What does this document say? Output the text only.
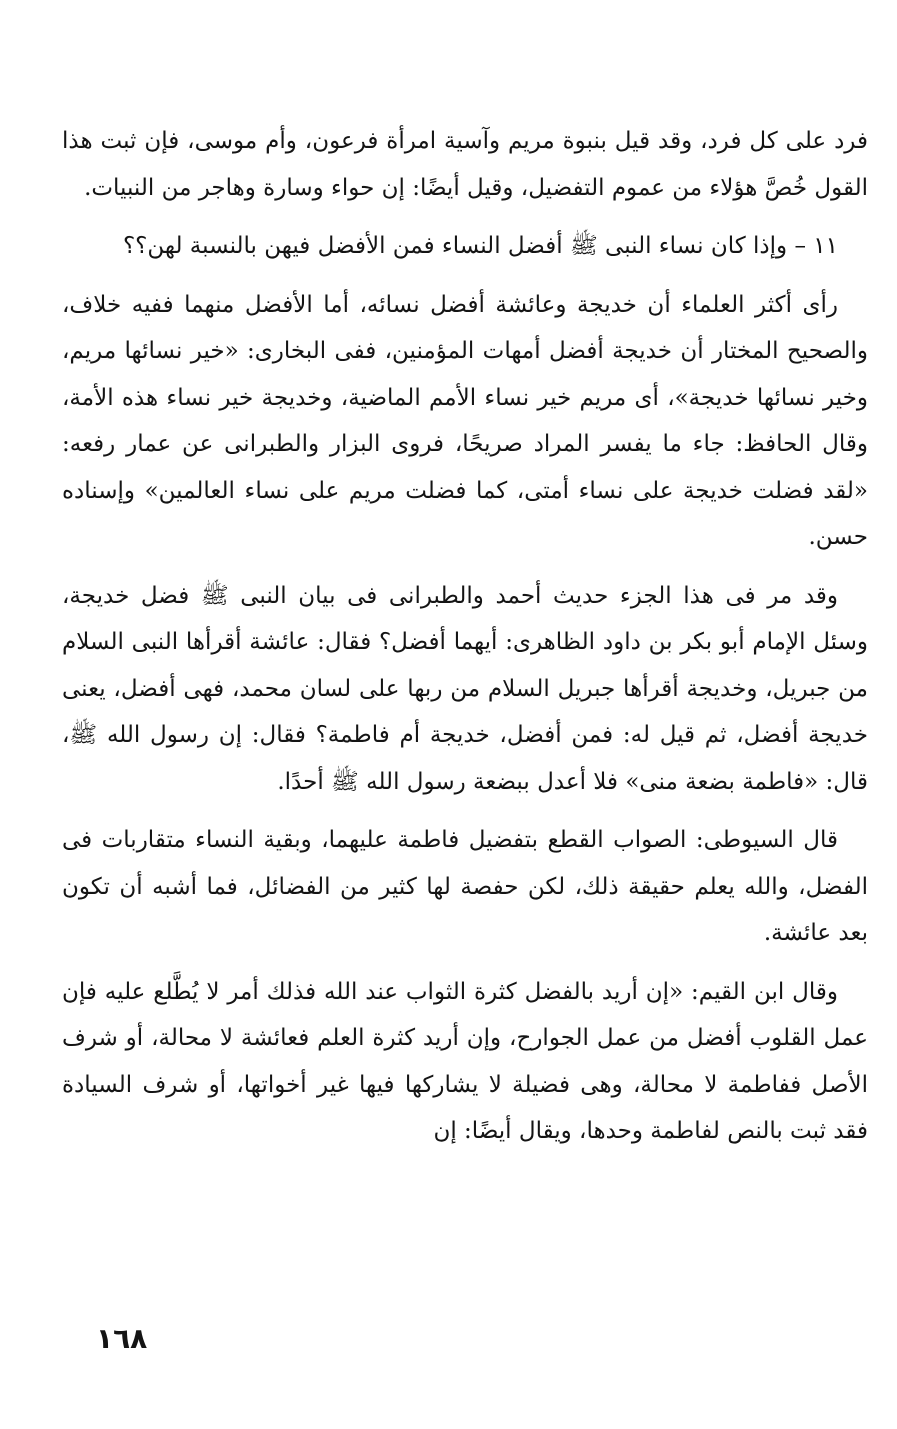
فرد على كل فرد، وقد قيل بنبوة مريم وآسية امرأة فرعون، وأم موسى، فإن ثبت هذا القول خُصَّ هؤلاء من عموم التفضيل، وقيل أيضًا: إن حواء وسارة وهاجر من النبيات.

١١ – وإذا كان نساء النبى ﷺ أفضل النساء فمن الأفضل فيهن بالنسبة لهن؟؟

رأى أكثر العلماء أن خديجة وعائشة أفضل نسائه، أما الأفضل منهما ففيه خلاف، والصحيح المختار أن خديجة أفضل أمهات المؤمنين، ففى البخارى: «خير نسائها مريم، وخير نسائها خديجة»، أى مريم خير نساء الأمم الماضية، وخديجة خير نساء هذه الأمة، وقال الحافظ: جاء ما يفسر المراد صريحًا، فروى البزار والطبرانى عن عمار رفعه: «لقد فضلت خديجة على نساء أمتى، كما فضلت مريم على نساء العالمين» وإسناده حسن.

وقد مر فى هذا الجزء حديث أحمد والطبرانى فى بيان النبى ﷺ فضل خديجة، وسئل الإمام أبو بكر بن داود الظاهرى: أيهما أفضل؟ فقال: عائشة أقرأها النبى السلام من جبريل، وخديجة أقرأها جبريل السلام من ربها على لسان محمد، فهى أفضل، يعنى خديجة أفضل، ثم قيل له: فمن أفضل، خديجة أم فاطمة؟ فقال: إن رسول الله ﷺ، قال: «فاطمة بضعة منى» فلا أعدل ببضعة رسول الله ﷺ أحدًا.

قال السيوطى: الصواب القطع بتفضيل فاطمة عليهما، وبقية النساء متقاربات فى الفضل، والله يعلم حقيقة ذلك، لكن حفصة لها كثير من الفضائل، فما أشبه أن تكون بعد عائشة.

وقال ابن القيم: «إن أريد بالفضل كثرة الثواب عند الله فذلك أمر لا يُطَّلع عليه فإن عمل القلوب أفضل من عمل الجوارح، وإن أريد كثرة العلم فعائشة لا محالة، أو شرف الأصل ففاطمة لا محالة، وهى فضيلة لا يشاركها فيها غير أخواتها، أو شرف السيادة فقد ثبت بالنص لفاطمة وحدها، ويقال أيضًا: إن

١٦٨
